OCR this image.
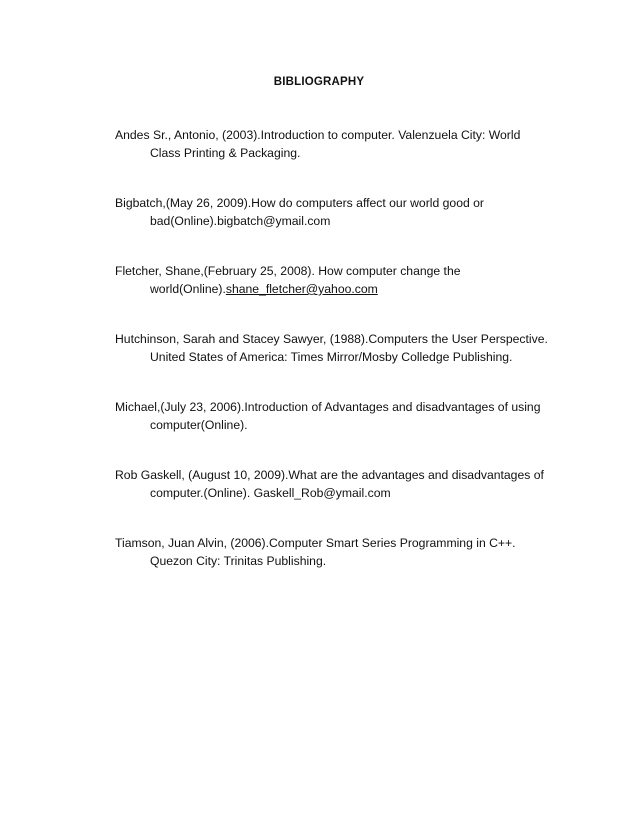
BIBLIOGRAPHY
Andes Sr., Antonio, (2003).Introduction to computer. Valenzuela City: World
Class Printing & Packaging.
Bigbatch,(May 26, 2009).How do computers affect our world good or
bad(Online).bigbatch@ymail.com
Fletcher, Shane,(February 25, 2008). How computer change the
world(Online).shane_fletcher@yahoo.com
Hutchinson, Sarah and Stacey Sawyer, (1988).Computers the User Perspective.
United States of America: Times Mirror/Mosby Colledge Publishing.
Michael,(July 23, 2006).Introduction of Advantages and disadvantages of using
computer(Online).
Rob Gaskell, (August 10, 2009).What are the advantages and disadvantages of
computer.(Online). Gaskell_Rob@ymail.com
Tiamson, Juan Alvin, (2006).Computer Smart Series Programming in C++.
Quezon City: Trinitas Publishing.
